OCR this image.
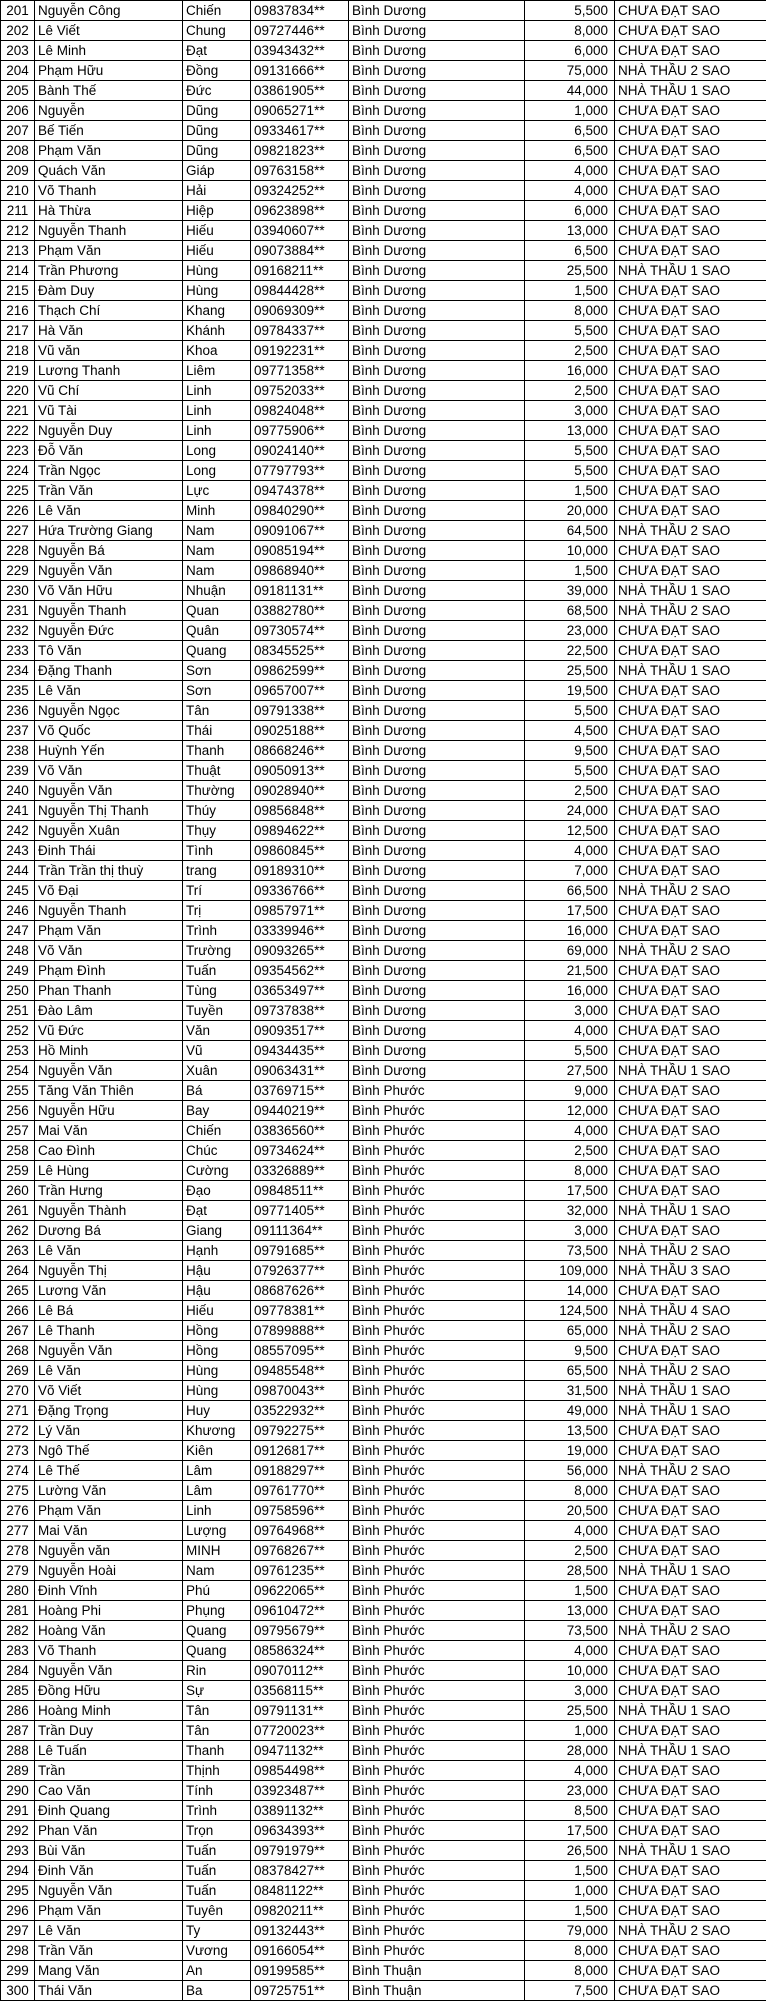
201	Nguyễn Công	Chiến	09837834**	Bình Dương	5,500	CHƯA ĐẠT SAO
202	Lê Viết	Chung	09727446**	Bình Dương	8,000	CHƯA ĐẠT SAO
203	Lê Minh	Đạt	03943432**	Bình Dương	6,000	CHƯA ĐẠT SAO
204	Phạm Hữu	Đồng	09131666**	Bình Dương	75,000	NHÀ THẦU 2 SAO
205	Bành Thế	Đức	03861905**	Bình Dương	44,000	NHÀ THẦU 1 SAO
206	Nguyễn	Dũng	09065271**	Bình Dương	1,000	CHƯA ĐẠT SAO
207	Bế Tiến	Dũng	09334617**	Bình Dương	6,500	CHƯA ĐẠT SAO
208	Phạm Văn	Dũng	09821823**	Bình Dương	6,500	CHƯA ĐẠT SAO
209	Quách Văn	Giáp	09763158**	Bình Dương	4,000	CHƯA ĐẠT SAO
210	Võ Thanh	Hải	09324252**	Bình Dương	4,000	CHƯA ĐẠT SAO
211	Hà Thừa	Hiệp	09623898**	Bình Dương	6,000	CHƯA ĐẠT SAO
212	Nguyễn Thanh	Hiếu	03940607**	Bình Dương	13,000	CHƯA ĐẠT SAO
213	Phạm Văn	Hiếu	09073884**	Bình Dương	6,500	CHƯA ĐẠT SAO
214	Trần Phương	Hùng	09168211**	Bình Dương	25,500	NHÀ THẦU 1 SAO
215	Đàm Duy	Hùng	09844428**	Bình Dương	1,500	CHƯA ĐẠT SAO
216	Thạch Chí	Khang	09069309**	Bình Dương	8,000	CHƯA ĐẠT SAO
217	Hà Văn	Khánh	09784337**	Bình Dương	5,500	CHƯA ĐẠT SAO
218	Vũ văn	Khoa	09192231**	Bình Dương	2,500	CHƯA ĐẠT SAO
219	Lương Thanh	Liêm	09771358**	Bình Dương	16,000	CHƯA ĐẠT SAO
220	Vũ Chí	Linh	09752033**	Bình Dương	2,500	CHƯA ĐẠT SAO
221	Vũ Tài	Linh	09824048**	Bình Dương	3,000	CHƯA ĐẠT SAO
222	Nguyễn Duy	Linh	09775906**	Bình Dương	13,000	CHƯA ĐẠT SAO
223	Đỗ Văn	Long	09024140**	Bình Dương	5,500	CHƯA ĐẠT SAO
224	Trần Ngọc	Long	07797793**	Bình Dương	5,500	CHƯA ĐẠT SAO
225	Trần Văn	Lực	09474378**	Bình Dương	1,500	CHƯA ĐẠT SAO
226	Lê Văn	Minh	09840290**	Bình Dương	20,000	CHƯA ĐẠT SAO
227	Hứa Trường Giang	Nam	09091067**	Bình Dương	64,500	NHÀ THẦU 2 SAO
228	Nguyễn Bá	Nam	09085194**	Bình Dương	10,000	CHƯA ĐẠT SAO
229	Nguyễn Văn	Nam	09868940**	Bình Dương	1,500	CHƯA ĐẠT SAO
230	Võ Văn Hữu	Nhuận	09181131**	Bình Dương	39,000	NHÀ THẦU 1 SAO
231	Nguyễn Thanh	Quan	03882780**	Bình Dương	68,500	NHÀ THẦU 2 SAO
232	Nguyễn Đức	Quân	09730574**	Bình Dương	23,000	CHƯA ĐẠT SAO
233	Tô Văn	Quang	08345525**	Bình Dương	22,500	CHƯA ĐẠT SAO
234	Đặng Thanh	Sơn	09862599**	Bình Dương	25,500	NHÀ THẦU 1 SAO
235	Lê Văn	Sơn	09657007**	Bình Dương	19,500	CHƯA ĐẠT SAO
236	Nguyễn Ngọc	Tân	09791338**	Bình Dương	5,500	CHƯA ĐẠT SAO
237	Võ Quốc	Thái	09025188**	Bình Dương	4,500	CHƯA ĐẠT SAO
238	Huỳnh Yến	Thanh	08668246**	Bình Dương	9,500	CHƯA ĐẠT SAO
239	Võ Văn	Thuật	09050913**	Bình Dương	5,500	CHƯA ĐẠT SAO
240	Nguyễn Văn	Thường	09028940**	Bình Dương	2,500	CHƯA ĐẠT SAO
241	Nguyễn Thị Thanh	Thúy	09856848**	Bình Dương	24,000	CHƯA ĐẠT SAO
242	Nguyễn Xuân	Thụy	09894622**	Bình Dương	12,500	CHƯA ĐẠT SAO
243	Đinh Thái	Tình	09860845**	Bình Dương	4,000	CHƯA ĐẠT SAO
244	Trần Trần thị thuỳ	trang	09189310**	Bình Dương	7,000	CHƯA ĐẠT SAO
245	Võ Đại	Trí	09336766**	Bình Dương	66,500	NHÀ THẦU 2 SAO
246	Nguyễn Thanh	Trị	09857971**	Bình Dương	17,500	CHƯA ĐẠT SAO
247	Phạm Văn	Trình	03339946**	Bình Dương	16,000	CHƯA ĐẠT SAO
248	Võ Văn	Trường	09093265**	Bình Dương	69,000	NHÀ THẦU 2 SAO
249	Phạm Đình	Tuấn	09354562**	Bình Dương	21,500	CHƯA ĐẠT SAO
250	Phan Thanh	Tùng	03653497**	Bình Dương	16,000	CHƯA ĐẠT SAO
251	Đào Lâm	Tuyền	09737838**	Bình Dương	3,000	CHƯA ĐẠT SAO
252	Vũ Đức	Văn	09093517**	Bình Dương	4,000	CHƯA ĐẠT SAO
253	Hồ Minh	Vũ	09434435**	Bình Dương	5,500	CHƯA ĐẠT SAO
254	Nguyễn Văn	Xuân	09063431**	Bình Dương	27,500	NHÀ THẦU 1 SAO
255	Tăng Văn Thiên	Bá	03769715**	Bình Phước	9,000	CHƯA ĐẠT SAO
256	Nguyễn Hữu	Bay	09440219**	Bình Phước	12,000	CHƯA ĐẠT SAO
257	Mai Văn	Chiến	03836560**	Bình Phước	4,000	CHƯA ĐẠT SAO
258	Cao Đình	Chúc	09734624**	Bình Phước	2,500	CHƯA ĐẠT SAO
259	Lê Hùng	Cường	03326889**	Bình Phước	8,000	CHƯA ĐẠT SAO
260	Trần Hưng	Đạo	09848511**	Bình Phước	17,500	CHƯA ĐẠT SAO
261	Nguyễn Thành	Đạt	09771405**	Bình Phước	32,000	NHÀ THẦU 1 SAO
262	Dương Bá	Giang	09111364**	Bình Phước	3,000	CHƯA ĐẠT SAO
263	Lê Văn	Hạnh	09791685**	Bình Phước	73,500	NHÀ THẦU 2 SAO
264	Nguyễn Thị	Hậu	07926377**	Bình Phước	109,000	NHÀ THẦU 3 SAO
265	Lương Văn	Hậu	08687626**	Bình Phước	14,000	CHƯA ĐẠT SAO
266	Lê Bá	Hiếu	09778381**	Bình Phước	124,500	NHÀ THẦU 4 SAO
267	Lê Thanh	Hồng	07899888**	Bình Phước	65,000	NHÀ THẦU 2 SAO
268	Nguyễn Văn	Hồng	08557095**	Bình Phước	9,500	CHƯA ĐẠT SAO
269	Lê Văn	Hùng	09485548**	Bình Phước	65,500	NHÀ THẦU 2 SAO
270	Võ Viết	Hùng	09870043**	Bình Phước	31,500	NHÀ THẦU 1 SAO
271	Đặng Trọng	Huy	03522932**	Bình Phước	49,000	NHÀ THẦU 1 SAO
272	Lý Văn	Khương	09792275**	Bình Phước	13,500	CHƯA ĐẠT SAO
273	Ngô Thế	Kiên	09126817**	Bình Phước	19,000	CHƯA ĐẠT SAO
274	Lê Thế	Lâm	09188297**	Bình Phước	56,000	NHÀ THẦU 2 SAO
275	Lường Văn	Lâm	09761770**	Bình Phước	8,000	CHƯA ĐẠT SAO
276	Phạm Văn	Linh	09758596**	Bình Phước	20,500	CHƯA ĐẠT SAO
277	Mai Văn	Lượng	09764968**	Bình Phước	4,000	CHƯA ĐẠT SAO
278	Nguyễn văn	MINH	09768267**	Bình Phước	2,500	CHƯA ĐẠT SAO
279	Nguyễn Hoài	Nam	09761235**	Bình Phước	28,500	NHÀ THẦU 1 SAO
280	Đinh Vĩnh	Phú	09622065**	Bình Phước	1,500	CHƯA ĐẠT SAO
281	Hoàng Phi	Phụng	09610472**	Bình Phước	13,000	CHƯA ĐẠT SAO
282	Hoàng Văn	Quang	09795679**	Bình Phước	73,500	NHÀ THẦU 2 SAO
283	Võ Thanh	Quang	08586324**	Bình Phước	4,000	CHƯA ĐẠT SAO
284	Nguyễn Văn	Rin	09070112**	Bình Phước	10,000	CHƯA ĐẠT SAO
285	Đồng Hữu	Sự	03568115**	Bình Phước	3,000	CHƯA ĐẠT SAO
286	Hoàng Minh	Tân	09791131**	Bình Phước	25,500	NHÀ THẦU 1 SAO
287	Trần Duy	Tân	07720023**	Bình Phước	1,000	CHƯA ĐẠT SAO
288	Lê Tuấn	Thanh	09471132**	Bình Phước	28,000	NHÀ THẦU 1 SAO
289	Trần	Thịnh	09854498**	Bình Phước	4,000	CHƯA ĐẠT SAO
290	Cao Văn	Tính	03923487**	Bình Phước	23,000	CHƯA ĐẠT SAO
291	Đinh Quang	Trình	03891132**	Bình Phước	8,500	CHƯA ĐẠT SAO
292	Phan Văn	Trọn	09634393**	Bình Phước	17,500	CHƯA ĐẠT SAO
293	Bùi Văn	Tuấn	09791979**	Bình Phước	26,500	NHÀ THẦU 1 SAO
294	Đinh Văn	Tuấn	08378427**	Bình Phước	1,500	CHƯA ĐẠT SAO
295	Nguyễn Văn	Tuấn	08481122**	Bình Phước	1,000	CHƯA ĐẠT SAO
296	Phạm Văn	Tuyên	09820211**	Bình Phước	1,500	CHƯA ĐẠT SAO
297	Lê Văn	Ty	09132443**	Bình Phước	79,000	NHÀ THẦU 2 SAO
298	Trần Văn	Vương	09166054**	Bình Phước	8,000	CHƯA ĐẠT SAO
299	Mang Văn	An	09199585**	Bình Thuận	8,000	CHƯA ĐẠT SAO
300	Thái Văn	Ba	09725751**	Bình Thuận	7,500	CHƯA ĐẠT SAO
